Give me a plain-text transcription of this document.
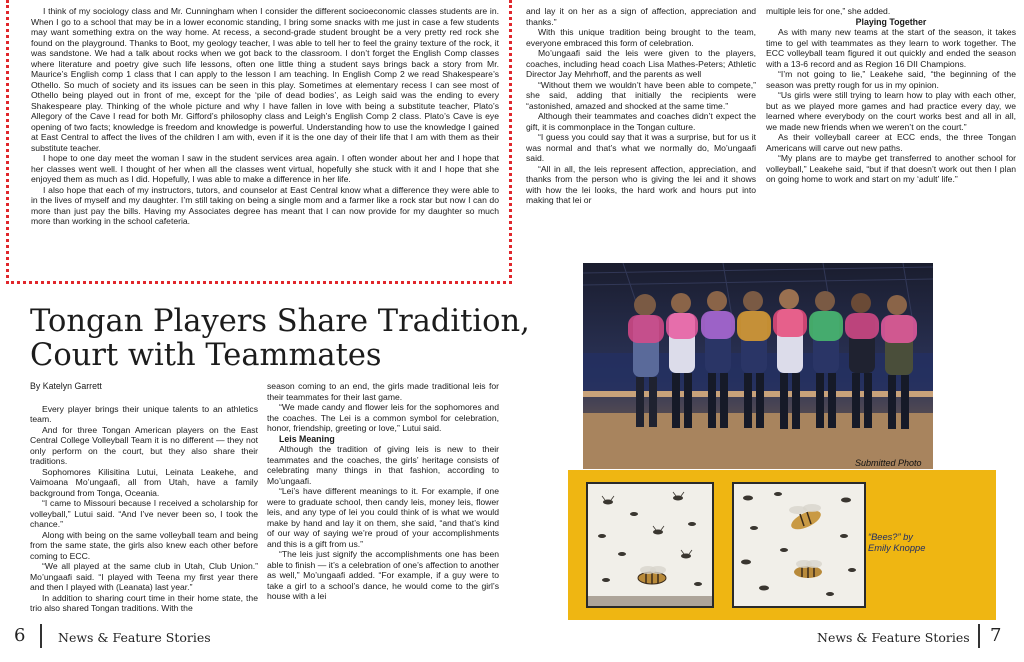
I think of my sociology class and Mr. Cunningham when I consider the different socioeconomic classes students are in. When I go to a school that may be in a lower economic standing, I bring some snacks with me just in case a few students may want something extra on the way home. At recess, a second-grade student brought be a very pretty red rock she found on the playground. Thanks to Boot, my geology teacher, I was able to tell her to feel the grainy texture of the rock, it was sandstone. We had a talk about rocks when we got back to the classroom. I don’t forget the English Comp classes where literature and poetry give such life lessons, often one little thing a student says brings back a story from Mr. Maurice’s English comp 1 class that I can apply to the lesson I am teaching. In English Comp 2 we read Shakespeare’s Othello. So much of society and its issues can be seen in this play. Sometimes at elementary recess I can see most of Othello being played out in front of me, except for the ‘pile of dead bodies’, as Leigh said was the ending to every Shakespeare play. Thinking of the whole picture and why I have fallen in love with being a substitute teacher, Plato’s Allegory of the Cave I read for both Mr. Gifford’s philosophy class and Leigh’s English Comp 2 class. Plato’s Cave is eye opening of two facts; knowledge is freedom and knowledge is powerful. Understanding how to use the knowledge I gained at East Central to affect the lives of the children I am with, even if it is the one day of their life that I am with them as their substitute teacher.

I hope to one day meet the woman I saw in the student services area again. I often wonder about her and I hope that her classes went well. I thought of her when all the classes went virtual, hopefully she stuck with it and I hope that she enjoyed them as much as I did. Hopefully, I was able to make a difference in her life.

I also hope that each of my instructors, tutors, and counselor at East Central know what a difference they were able to in the lives of myself and my daughter. I’m still taking on being a single mom and a farmer like a rock star but now I can do more than just pay the bills. Having my Associates degree has meant that I can now provide for my daughter so much more than working in the school cafeteria.

and lay it on her as a sign of affection, appreciation and thanks.”

With this unique tradition being brought to the team, everyone embraced this form of celebration.

Mo’ungaafi said the leis were given to the players, coaches, including head coach Lisa Mathes-Peters; Athletic Director Jay Mehrhoff, and the parents as well

“Without them we wouldn’t have been able to compete,” she said, adding that initially the recipients were “astonished, amazed and shocked at the same time.”

Although their teammates and coaches didn’t expect the gift, it is commonplace in the Tongan culture.

“I guess you could say that it was a surprise, but for us it was normal and that’s what we normally do, Mo’ungaafi said.

“All in all, the leis represent affection, appreciation, and thanks from the person who is giving the lei and it shows with how the lei looks, the hard work and hours put into making that lei or

multiple leis for one,” she added.

Playing Together

As with many new teams at the start of the season, it takes time to gel with teammates as they learn to work together. The ECC volleyball team figured it out quickly and ended the season with a 13-6 record and as Region 16 DII Champions.

“I’m not going to lie,” Leakehe said, “the beginning of the season was pretty rough for us in my opinion.

“Us girls were still trying to learn how to play with each other, but as we played more games and had practice every day, we learned where everybody on the court works best and all in all, we made new friends when we weren’t on the court.”

As their volleyball career at ECC ends, the three Tongan Americans will carve out new paths.

“My plans are to maybe get transferred to another school for volleyball,” Leakehe said, “but if that doesn’t work out then I plan on going home to work and start on my ‘adult’ life.”

Tongan Players Share Tradition, Court with Teammates
By Katelyn Garrett

Every player brings their unique talents to an athletics team.

And for three Tongan American players on the East Central College Volleyball Team it is no different — they not only perform on the court, but they also share their traditions.

Sophomores Kilisitina Lutui, Leinata Leakehe, and Vaimoana Mo’ungaafi, all from Utah, have a family background from Tonga, Oceania.

“I came to Missouri because I received a scholarship for volleyball,” Lutui said. “And I’ve never been so, I took the chance.”

Along with being on the same volleyball team and being from the same state, the girls also knew each other before coming to ECC.

“We all played at the same club in Utah, Club Union.” Mo’ungaafi said. “I played with Teena my first year there and then I played with (Leanata) last year.”

In addition to sharing court time in their home state, the trio also shared Tongan traditions. With the

season coming to an end, the girls made traditional leis for their teammates for their last game.

“We made candy and flower leis for the sophomores and the coaches. The Lei is a common symbol for celebration, honor, friendship, greeting or love,” Lutui said.

Leis Meaning

Although the tradition of giving leis is new to their teammates and the coaches, the girls’ heritage consists of celebrating many things in that fashion, according to Mo’ungaafi.

“Lei’s have different meanings to it. For example, if one were to graduate school, then candy leis, money leis, flower leis, and any type of lei you could think of is what we would make by hand and lay it on them, she said, “and that’s kind of our way of saying we’re proud of your accomplishments and this is a gift from us.”

“The leis just signify the accomplishments one has been able to finish — it’s a celebration of one’s affection to another as well,” Mo’ungaafi added. “For example, if a guy were to take a girl to a school’s dance, he would come to the girl’s house with a lei

Submitted Photo
“Bees?” by
Emily Knoppe
6	News & Feature Stories	News & Feature Stories 7
